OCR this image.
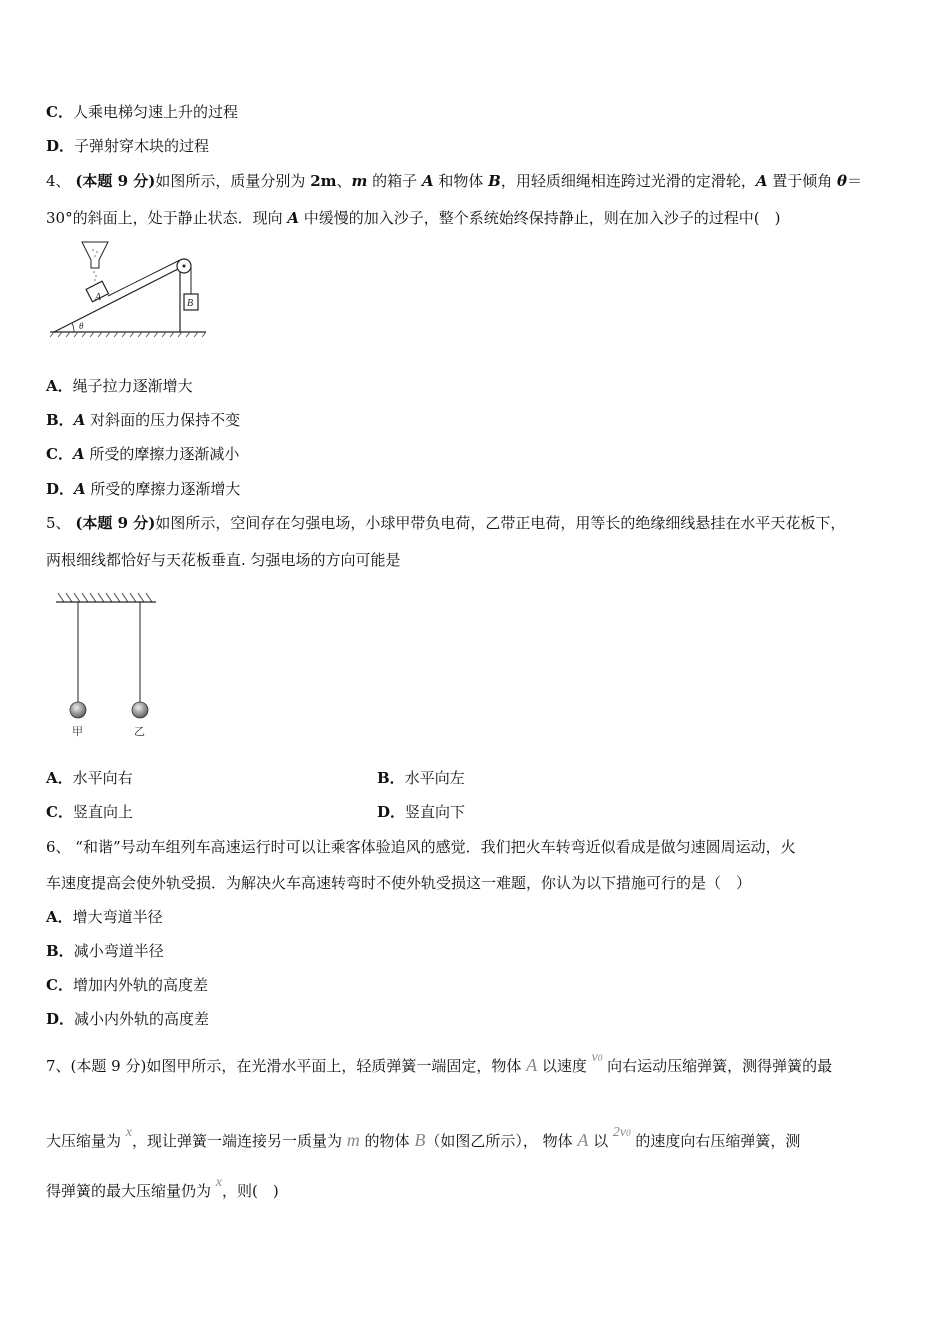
C．人乘电梯匀速上升的过程
D．子弹射穿木块的过程
4、 (本题 9 分)如图所示，质量分别为 2m、m 的箱子 A 和物体 B，用轻质细绳相连跨过光滑的定滑轮，A 置于倾角 θ＝
30°的斜面上，处于静止状态．现向 A 中缓慢的加入沙子，整个系统始终保持静止，则在加入沙子的过程中(　)
A
B
θ
A．绳子拉力逐渐增大
B．A 对斜面的压力保持不变
C．A 所受的摩擦力逐渐减小
D．A 所受的摩擦力逐渐增大
5、 (本题 9 分)如图所示，空间存在匀强电场，小球甲带负电荷，乙带正电荷，用等长的绝缘细线悬挂在水平天花板下，
两根细线都恰好与天花板垂直. 匀强电场的方向可能是
甲	乙
A．水平向右	B．水平向左
C．竖直向上	D．竖直向下
6、 “和谐”号动车组列车高速运行时可以让乘客体验追风的感觉．我们把火车转弯近似看成是做匀速圆周运动，火
车速度提高会使外轨受损．为解决火车高速转弯时不使外轨受损这一难题，你认为以下措施可行的是（　）
A．增大弯道半径
B．减小弯道半径
C．增加内外轨的高度差
D．减小内外轨的高度差
7、(本题 9 分)如图甲所示，在光滑水平面上，轻质弹簧一端固定，物体 A 以速度 v0 向右运动压缩弹簧，测得弹簧的最
大压缩量为 x，现让弹簧一端连接另一质量为 m 的物体 B（如图乙所示）， 物体 A 以 2v0 的速度向右压缩弹簧，测
得弹簧的最大压缩量仍为 x，则(　)
